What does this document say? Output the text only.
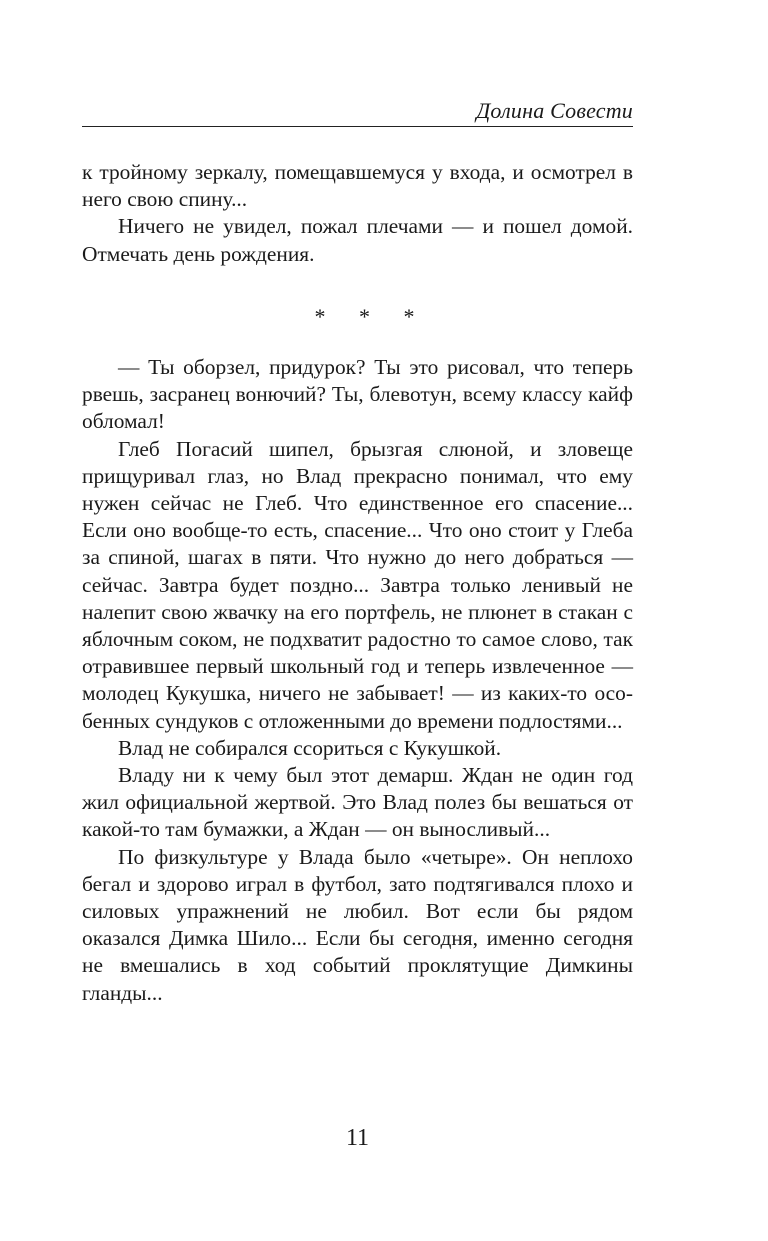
Долина Совести

к тройному зеркалу, помещавшемуся у входа, и осмотрел в него свою спину...

Ничего не увидел, пожал плечами — и пошел домой. Отмечать день рождения.

* * *

— Ты оборзел, придурок? Ты это рисовал, что теперь рвешь, засранец вонючий? Ты, блевотун, всему классу кайф обломал!

Глеб Погасий шипел, брызгая слюной, и зловеще прищуривал глаз, но Влад прекрасно понимал, что ему нужен сейчас не Глеб. Что единственное его спасение... Если оно вообще-то есть, спасение... Что оно стоит у Глеба за спиной, шагах в пяти. Что нужно до него добраться — сейчас. Завтра будет поздно... Завтра только ленивый не налепит свою жвачку на его портфель, не плюнет в стакан с яблочным соком, не подхватит радостно то самое слово, так отравившее первый школьный год и теперь извлеченное — молодец Кукушка, ничего не забывает! — из каких-то особенных сундуков с отложенными до времени подлостями...

Влад не собирался ссориться с Кукушкой.

Владу ни к чему был этот демарш. Ждан не один год жил официальной жертвой. Это Влад полез бы вешаться от какой-то там бумажки, а Ждан — он выносливый...

По физкультуре у Влада было «четыре». Он неплохо бегал и здорово играл в футбол, зато подтягивался плохо и силовых упражнений не любил. Вот если бы рядом оказался Димка Шило... Если бы сегодня, именно сегодня не вмешались в ход событий проклятущие Димкины гланды...

11
